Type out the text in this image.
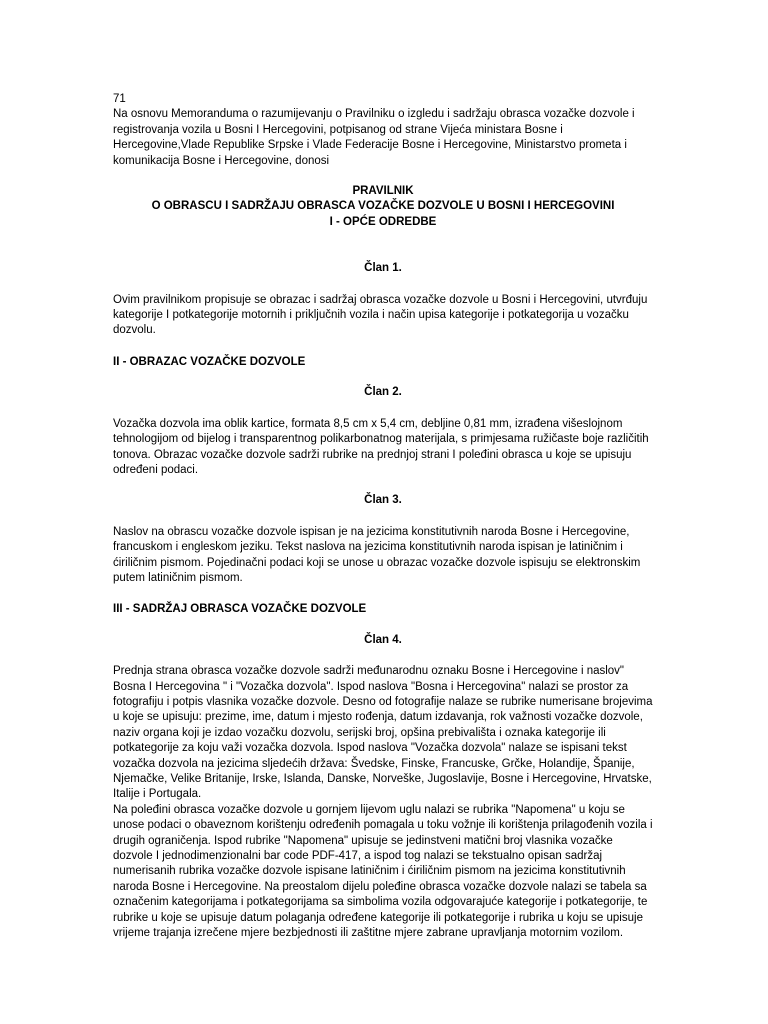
71

Na osnovu Memoranduma o razumijevanju o Pravilniku o izgledu i sadržaju obrasca vozačke dozvole i registrovanja vozila u Bosni I Hercegovini, potpisanog od strane Vijeća ministara Bosne i Hercegovine,Vlade Republike Srpske i Vlade Federacije Bosne i Hercegovine, Ministarstvo prometa i komunikacija Bosne i Hercegovine, donosi

PRAVILNIK

O OBRASCU I SADRŽAJU OBRASCA VOZAČKE DOZVOLE U BOSNI I HERCEGOVINI

I - OPĆE ODREDBE

Član 1.

Ovim pravilnikom propisuje se obrazac i sadržaj obrasca vozačke dozvole u Bosni i Hercegovini, utvrđuju kategorije I potkategorije motornih i priključnih vozila i način upisa kategorije i potkategorija u vozačku dozvolu.

II - OBRAZAC VOZAČKE DOZVOLE

Član 2.

Vozačka dozvola ima oblik kartice, formata 8,5 cm x 5,4 cm, debljine 0,81 mm, izrađena višeslojnom tehnologijom od bijelog i transparentnog polikarbonatnog materijala, s primjesama ružičaste boje različitih tonova. Obrazac vozačke dozvole sadrži rubrike na prednjoj strani I poleđini obrasca u koje se upisuju određeni podaci.

Član 3.

Naslov na obrascu vozačke dozvole ispisan je na jezicima konstitutivnih naroda Bosne i Hercegovine, francuskom i engleskom jeziku. Tekst naslova na jezicima konstitutivnih naroda ispisan je latiničnim i ćiriličnim pismom. Pojedinačni podaci koji se unose u obrazac vozačke dozvole ispisuju se elektronskim putem latiničnim pismom.

III - SADRŽAJ OBRASCA VOZAČKE DOZVOLE

Član 4.

Prednja strana obrasca vozačke dozvole sadrži međunarodnu oznaku Bosne i Hercegovine i naslov" Bosna I Hercegovina " i "Vozačka dozvola". Ispod naslova "Bosna i Hercegovina" nalazi se prostor za fotografiju i potpis vlasnika vozačke dozvole. Desno od fotografije nalaze se rubrike numerisane brojevima u koje se upisuju: prezime, ime, datum i mjesto rođenja, datum izdavanja, rok važnosti vozačke dozvole, naziv organa koji je izdao vozačku dozvolu, serijski broj, opšina prebivališta i oznaka kategorije ili potkategorije za koju važi vozačka dozvola. Ispod naslova "Vozačka dozvola" nalaze se ispisani tekst vozačka dozvola na jezicima sljedećih država: Švedske, Finske, Francuske, Grčke, Holandije, Španije, Njemačke, Velike Britanije, Irske, Islanda, Danske, Norveške, Jugoslavije, Bosne i Hercegovine, Hrvatske, Italije i Portugala.

Na poleđini obrasca vozačke dozvole u gornjem lijevom uglu nalazi se rubrika "Napomena" u koju se unose podaci o obaveznom korištenju određenih pomagala u toku vožnje ili korištenja prilagođenih vozila i drugih ograničenja. Ispod rubrike "Napomena" upisuje se jedinstveni matični broj vlasnika vozačke dozvole I jednodimenzionalni bar code PDF-417, a ispod tog nalazi se tekstualno opisan sadržaj numerisanih rubrika vozačke dozvole ispisane latiničnim i ćiriličnim pismom na jezicima konstitutivnih naroda Bosne i Hercegovine. Na preostalom dijelu poleđine obrasca vozačke dozvole nalazi se tabela sa označenim kategorijama i potkategorijama sa simbolima vozila odgovarajuće kategorije i potkategorije, te rubrike u koje se upisuje datum polaganja određene kategorije ili potkategorije i rubrika u koju se upisuje vrijeme trajanja izrečene mjere bezbjednosti ili zaštitne mjere zabrane upravljanja motornim vozilom.
